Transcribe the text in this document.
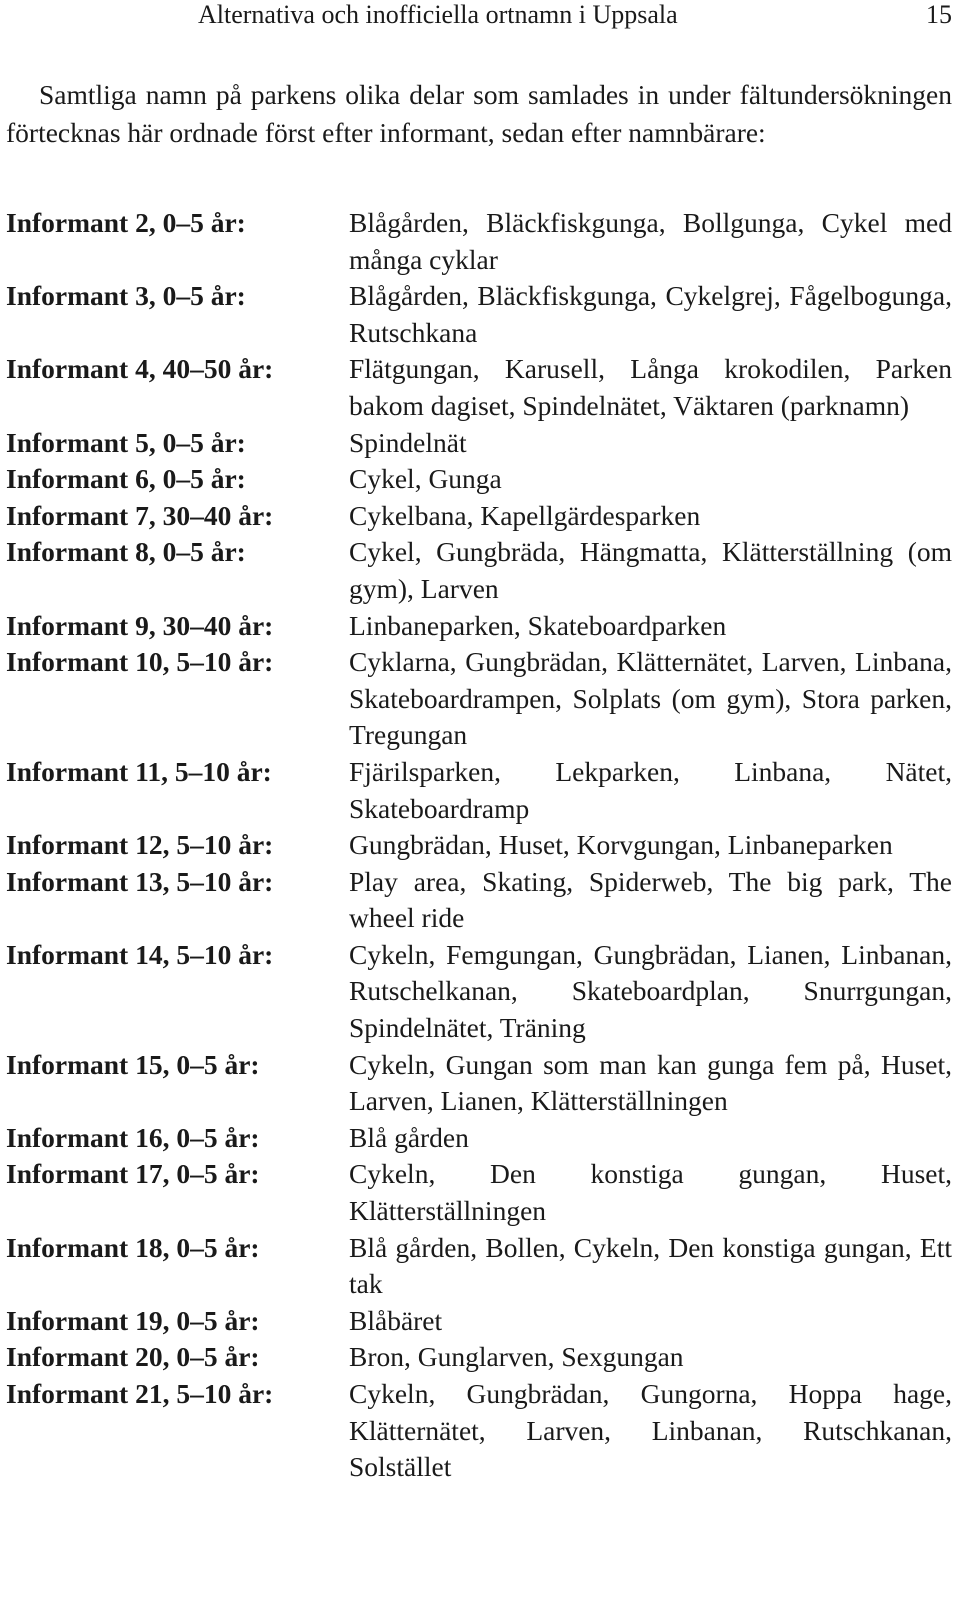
Alternativa och inofficiella ortnamn i Uppsala	15

Samtliga namn på parkens olika delar som samlades in under fältundersökningen förtecknas här ordnade först efter informant, sedan efter namnbärare:

Informant 2, 0–5 år:	Blågården, Bläckfiskgunga, Bollgunga, Cykel med många cyklar
Informant 3, 0–5 år:	Blågården, Bläckfiskgunga, Cykelgrej, Fågelbogunga, Rutschkana
Informant 4, 40–50 år:	Flätgungan, Karusell, Långa krokodilen, Parken bakom dagiset, Spindelnätet, Väktaren (parknamn)
Informant 5, 0–5 år:	Spindelnät
Informant 6, 0–5 år:	Cykel, Gunga
Informant 7, 30–40 år:	Cykelbana, Kapellgärdesparken
Informant 8, 0–5 år:	Cykel, Gungbräda, Hängmatta, Klätterställning (om gym), Larven
Informant 9, 30–40 år:	Linbaneparken, Skateboardparken
Informant 10, 5–10 år:	Cyklarna, Gungbrädan, Klätternätet, Larven, Linbana, Skateboardrampen, Solplats (om gym), Stora parken, Tregungan
Informant 11, 5–10 år:	Fjärilsparken, Lekparken, Linbana, Nätet, Skateboardramp
Informant 12, 5–10 år:	Gungbrädan, Huset, Korvgungan, Linbaneparken
Informant 13, 5–10 år:	Play area, Skating, Spiderweb, The big park, The wheel ride
Informant 14, 5–10 år:	Cykeln, Femgungan, Gungbrädan, Lianen, Linbanan, Rutschelkanan, Skateboardplan, Snurrgungan, Spindelnätet, Träning
Informant 15, 0–5 år:	Cykeln, Gungan som man kan gunga fem på, Huset, Larven, Lianen, Klätterställningen
Informant 16, 0–5 år:	Blå gården
Informant 17, 0–5 år:	Cykeln, Den konstiga gungan, Huset, Klätterställningen
Informant 18, 0–5 år:	Blå gården, Bollen, Cykeln, Den konstiga gungan, Ett tak
Informant 19, 0–5 år:	Blåbäret
Informant 20, 0–5 år:	Bron, Gunglarven, Sexgungan
Informant 21, 5–10 år:	Cykeln, Gungbrädan, Gungorna, Hoppa hage, Klätternätet, Larven, Linbanan, Rutschkanan, Solstället
